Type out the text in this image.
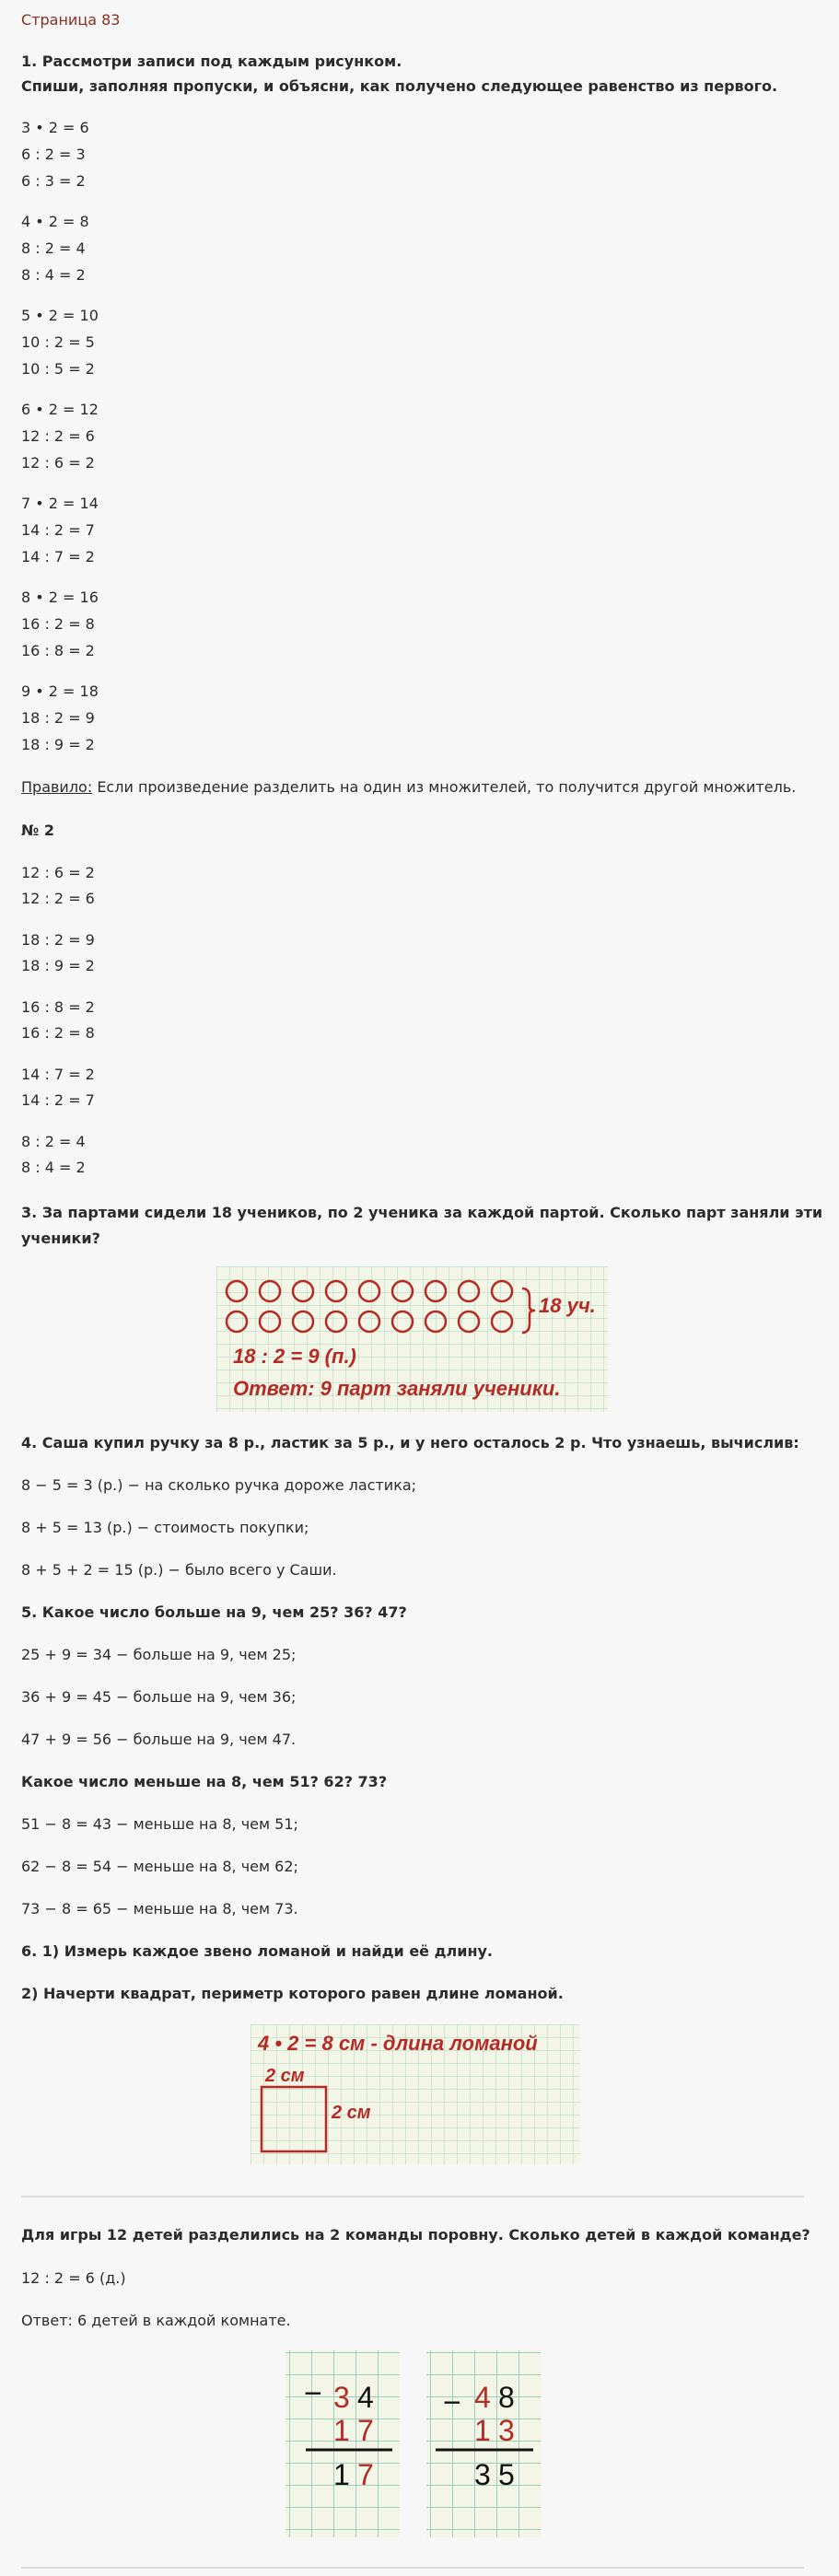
Страница 83
1. Рассмотри записи под каждым рисунком.
Спиши, заполняя пропуски, и объясни, как получено следующее равенство из первого.
3 • 2 = 6
6 : 2 = 3
6 : 3 = 2
4 • 2 = 8
8 : 2 = 4
8 : 4 = 2
5 • 2 = 10
10 : 2 = 5
10 : 5 = 2
6 • 2 = 12
12 : 2 = 6
12 : 6 = 2
7 • 2 = 14
14 : 2 = 7
14 : 7 = 2
8 • 2 = 16
16 : 2 = 8
16 : 8 = 2
9 • 2 = 18
18 : 2 = 9
18 : 9 = 2
Правило: Если произведение разделить на один из множителей, то получится другой множитель.
№ 2
12 : 6 = 2
12 : 2 = 6
18 : 2 = 9
18 : 9 = 2
16 : 8 = 2
16 : 2 = 8
14 : 7 = 2
14 : 2 = 7
8 : 2 = 4
8 : 4 = 2
3. За партами сидели 18 учеников, по 2 ученика за каждой партой. Сколько парт заняли эти
ученики?
18 уч.
18 : 2 = 9 (п.)
Ответ: 9 парт заняли ученики.
4. Саша купил ручку за 8 р., ластик за 5 р., и у него осталось 2 р. Что узнаешь, вычислив:
8 − 5 = 3 (р.) − на сколько ручка дороже ластика;
8 + 5 = 13 (р.) − стоимость покупки;
8 + 5 + 2 = 15 (р.) − было всего у Саши.
5. Какое число больше на 9, чем 25? 36? 47?
25 + 9 = 34 − больше на 9, чем 25;
36 + 9 = 45 − больше на 9, чем 36;
47 + 9 = 56 − больше на 9, чем 47.
Какое число меньше на 8, чем 51? 62? 73?
51 − 8 = 43 − меньше на 8, чем 51;
62 − 8 = 54 − меньше на 8, чем 62;
73 − 8 = 65 − меньше на 8, чем 73.
6. 1) Измерь каждое звено ломаной и найди её длину.
2) Начерти квадрат, периметр которого равен длине ломаной.
4 • 2 = 8 см - длина ломаной
2 см
2 см
Для игры 12 детей разделились на 2 команды поровну. Сколько детей в каждой команде?
12 : 2 = 6 (д.)
Ответ: 6 детей в каждой комнате.
− 3 4
1 7
1 7
− 4 8
1 3
3 5
